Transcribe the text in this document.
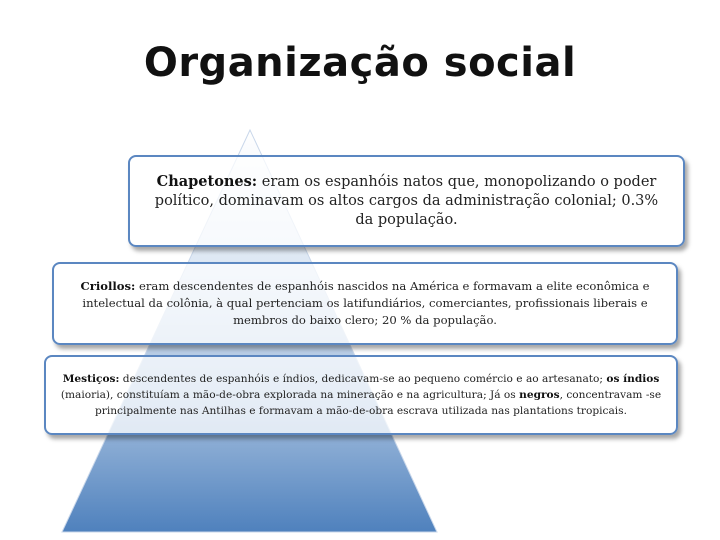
Organização social

Chapetones: eram os espanhóis natos que, monopolizando o poder político, dominavam os altos cargos da administração colonial; 0.3% da população.

Criollos: eram descendentes de espanhóis nascidos na América e formavam a elite econômica e intelectual da colônia, à qual pertenciam os latifundiários, comerciantes, profissionais liberais e membros do baixo clero; 20 % da população.

Mestiços: descendentes de espanhóis e índios, dedicavam-se ao pequeno comércio e ao artesanato; os índios (maioria), constituíam a mão-de-obra explorada na mineração e na agricultura; Já os negros, concentravam -se principalmente nas Antilhas e formavam a mão-de-obra escrava utilizada nas plantations tropicais.
